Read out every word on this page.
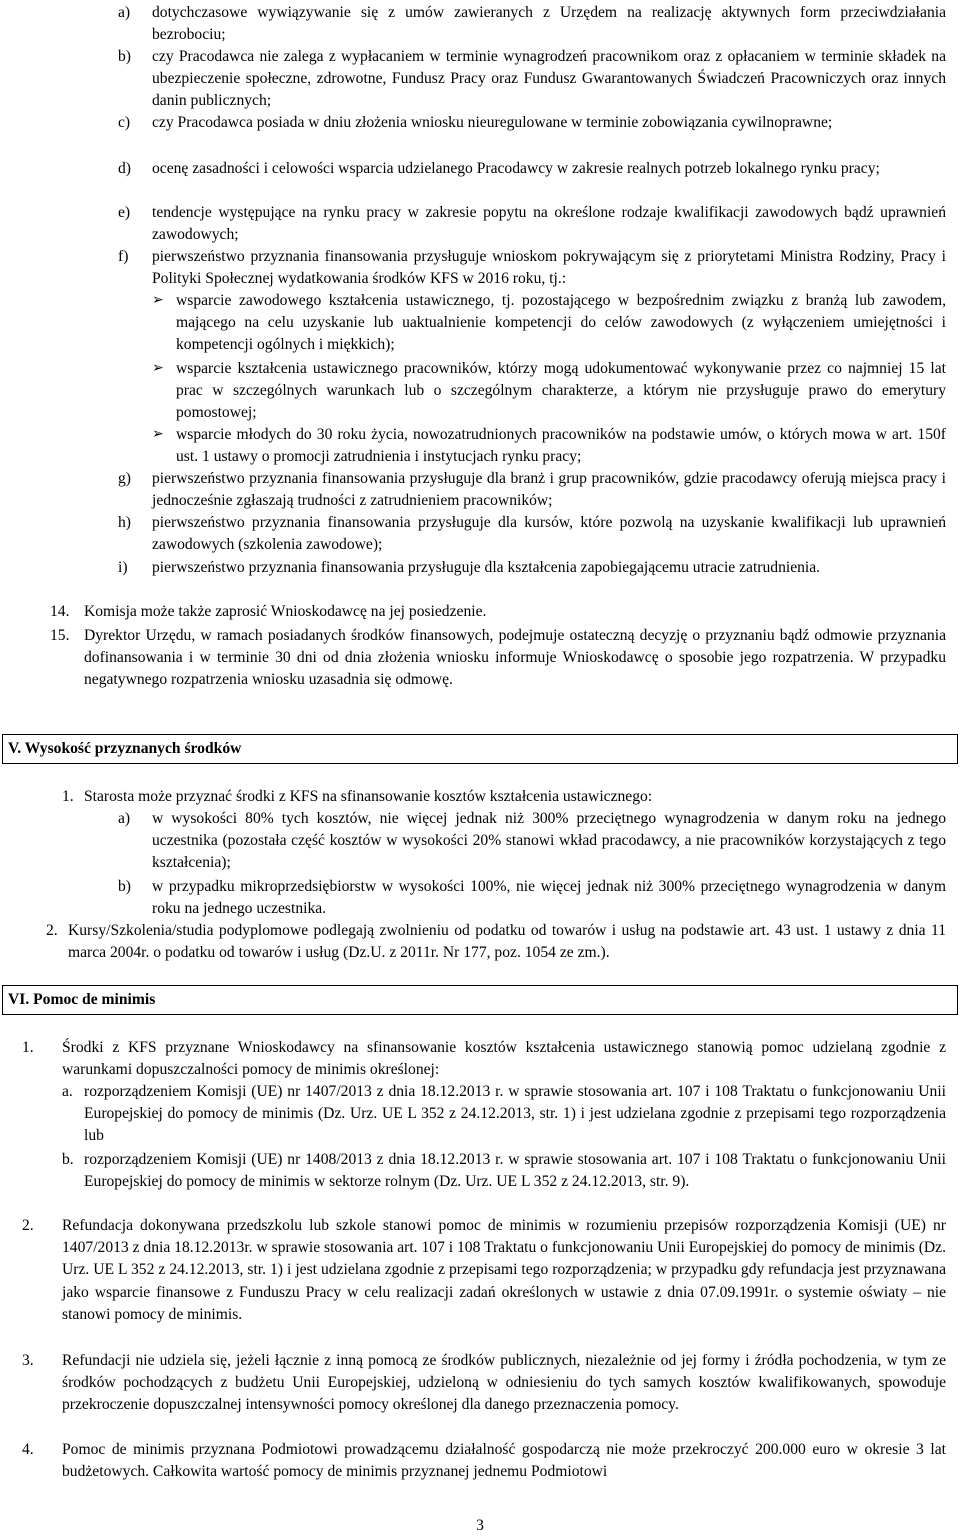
a) dotychczasowe wywiązywanie się z umów zawieranych z Urzędem na realizację aktywnych form przeciwdziałania bezrobociu;
b) czy Pracodawca nie zalega z wypłacaniem w terminie wynagrodzeń pracownikom oraz z opłacaniem w terminie składek na ubezpieczenie społeczne, zdrowotne, Fundusz Pracy oraz Fundusz Gwarantowanych Świadczeń Pracowniczych oraz innych danin publicznych;
c) czy Pracodawca posiada w dniu złożenia wniosku nieuregulowane w terminie zobowiązania cywilnoprawne;
d) ocenę zasadności i celowości wsparcia udzielanego Pracodawcy w zakresie realnych potrzeb lokalnego rynku pracy;
e) tendencje występujące na rynku pracy w zakresie popytu na określone rodzaje kwalifikacji zawodowych bądź uprawnień zawodowych;
f) pierwszeństwo przyznania finansowania przysługuje wnioskom pokrywającym się z priorytetami Ministra Rodziny, Pracy i Polityki Społecznej wydatkowania środków KFS w 2016 roku, tj.:
➢ wsparcie zawodowego kształcenia ustawicznego, tj. pozostającego w bezpośrednim związku z branżą lub zawodem, mającego na celu uzyskanie lub uaktualnienie kompetencji do celów zawodowych (z wyłączeniem umiejętności i kompetencji ogólnych i miękkich);
➢ wsparcie kształcenia ustawicznego pracowników, którzy mogą udokumentować wykonywanie przez co najmniej 15 lat prac w szczególnych warunkach lub o szczególnym charakterze, a którym nie przysługuje prawo do emerytury pomostowej;
➢ wsparcie młodych do 30 roku życia, nowozatrudnionych pracowników na podstawie umów, o których mowa w art. 150f ust. 1 ustawy o promocji zatrudnienia i instytucjach rynku pracy;
g) pierwszeństwo przyznania finansowania przysługuje dla branż i grup pracowników, gdzie pracodawcy oferują miejsca pracy i jednocześnie zgłaszają trudności z zatrudnieniem pracowników;
h) pierwszeństwo przyznania finansowania przysługuje dla kursów, które pozwolą na uzyskanie kwalifikacji lub uprawnień zawodowych (szkolenia zawodowe);
i) pierwszeństwo przyznania finansowania przysługuje dla kształcenia zapobiegającemu utracie zatrudnienia.
14. Komisja może także zaprosić Wnioskodawcę na jej posiedzenie.
15. Dyrektor Urzędu, w ramach posiadanych środków finansowych, podejmuje ostateczną decyzję o przyznaniu bądź odmowie przyznania dofinansowania i w terminie 30 dni od dnia złożenia wniosku informuje Wnioskodawcę o sposobie jego rozpatrzenia. W przypadku negatywnego rozpatrzenia wniosku uzasadnia się odmowę.
V. Wysokość przyznanych środków
1. Starosta może przyznać środki z KFS na sfinansowanie kosztów kształcenia ustawicznego:
a) w wysokości 80% tych kosztów, nie więcej jednak niż 300% przeciętnego wynagrodzenia w danym roku na jednego uczestnika (pozostała część kosztów w wysokości 20% stanowi wkład pracodawcy, a nie pracowników korzystających z tego kształcenia);
b) w przypadku mikroprzedsiębiorstw w wysokości 100%, nie więcej jednak niż 300% przeciętnego wynagrodzenia w danym roku na jednego uczestnika.
2. Kursy/Szkolenia/studia podyplomowe podlegają zwolnieniu od podatku od towarów i usług na podstawie art. 43 ust. 1 ustawy z dnia 11 marca 2004r. o podatku od towarów i usług (Dz.U. z 2011r. Nr 177, poz. 1054 ze zm.).
VI. Pomoc de minimis
1. Środki z KFS przyznane Wnioskodawcy na sfinansowanie kosztów kształcenia ustawicznego stanowią pomoc udzielaną zgodnie z warunkami dopuszczalności pomocy de minimis określonej:
a. rozporządzeniem Komisji (UE) nr 1407/2013 z dnia 18.12.2013 r. w sprawie stosowania art. 107 i 108 Traktatu o funkcjonowaniu Unii Europejskiej do pomocy de minimis (Dz. Urz. UE L 352 z 24.12.2013, str. 1) i jest udzielana zgodnie z przepisami tego rozporządzenia lub
b. rozporządzeniem Komisji (UE) nr 1408/2013 z dnia 18.12.2013 r. w sprawie stosowania art. 107 i 108 Traktatu o funkcjonowaniu Unii Europejskiej do pomocy de minimis w sektorze rolnym (Dz. Urz. UE L 352 z 24.12.2013, str. 9).
2. Refundacja dokonywana przedszkolu lub szkole stanowi pomoc de minimis w rozumieniu przepisów rozporządzenia Komisji (UE) nr 1407/2013 z dnia 18.12.2013r. w sprawie stosowania art. 107 i 108 Traktatu o funkcjonowaniu Unii Europejskiej do pomocy de minimis (Dz. Urz. UE L 352 z 24.12.2013, str. 1) i jest udzielana zgodnie z przepisami tego rozporządzenia; w przypadku gdy refundacja jest przyznawana jako wsparcie finansowe z Funduszu Pracy w celu realizacji zadań określonych w ustawie z dnia 07.09.1991r. o systemie oświaty – nie stanowi pomocy de minimis.
3. Refundacji nie udziela się, jeżeli łącznie z inną pomocą ze środków publicznych, niezależnie od jej formy i źródła pochodzenia, w tym ze środków pochodzących z budżetu Unii Europejskiej, udzieloną w odniesieniu do tych samych kosztów kwalifikowanych, spowoduje przekroczenie dopuszczalnej intensywności pomocy określonej dla danego przeznaczenia pomocy.
4. Pomoc de minimis przyznana Podmiotowi prowadzącemu działalność gospodarczą nie może przekroczyć 200.000 euro w okresie 3 lat budżetowych. Całkowita wartość pomocy de minimis przyznanej jednemu Podmiotowi
3
